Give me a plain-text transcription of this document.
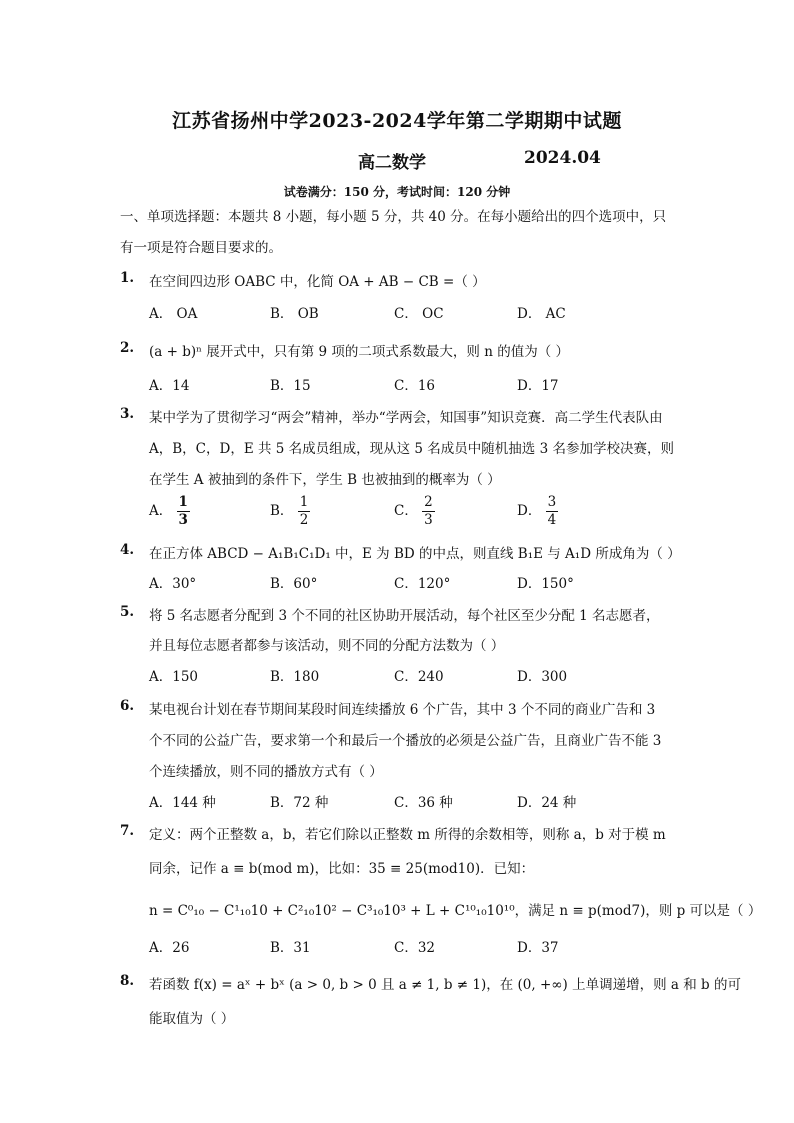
江苏省扬州中学2023-2024学年第二学期期中试题
高二数学	2024.04
试卷满分：150 分，考试时间：120 分钟
一、单项选择题：本题共 8 小题，每小题 5 分，共 40 分。在每小题给出的四个选项中，只
有一项是符合题目要求的。
1. 在空间四边形 OABC 中，化简 OA + AB − CB =（ ）
A． OA	B． OB	C． OC	D． AC
2. (a + b)ⁿ 展开式中，只有第 9 项的二项式系数最大，则 n 的值为（ ）
A．14	B．15	C．16	D．17
3. 某中学为了贯彻学习“两会”精神，举办“学两会，知国事”知识竞赛．高二学生代表队由
A，B，C，D，E 共 5 名成员组成，现从这 5 名成员中随机抽选 3 名参加学校决赛，则
在学生 A 被抽到的条件下，学生 B 也被抽到的概率为（ ）
A． $\frac{1}{3}$	B． $\frac{1}{2}$	C． $\frac{2}{3}$	D． $\frac{3}{4}$
4. 在正方体 ABCD − A₁B₁C₁D₁ 中，E 为 BD 的中点，则直线 B₁E 与 A₁D 所成角为（ ）
A．30°	B．60°	C．120°	D．150°
5. 将 5 名志愿者分配到 3 个不同的社区协助开展活动，每个社区至少分配 1 名志愿者，
并且每位志愿者都参与该活动，则不同的分配方法数为（ ）
A．150	B．180	C．240	D．300
6. 某电视台计划在春节期间某段时间连续播放 6 个广告，其中 3 个不同的商业广告和 3
个不同的公益广告，要求第一个和最后一个播放的必须是公益广告，且商业广告不能 3
个连续播放，则不同的播放方式有（ ）
A．144 种	B．72 种	C．36 种	D．24 种
7. 定义：两个正整数 a，b，若它们除以正整数 m 所得的余数相等，则称 a，b 对于模 m
同余，记作 a ≡ b(mod m)，比如：35 ≡ 25(mod10)．已知：
n = C⁰₁₀ − C¹₁₀10 + C²₁₀10² − C³₁₀10³ + L + C¹⁰₁₀10¹⁰，满足 n ≡ p(mod7)，则 p 可以是（ ）
A．26	B．31	C．32	D．37
8. 若函数 f(x) = aˣ + bˣ (a > 0, b > 0 且 a ≠ 1, b ≠ 1)，在 (0, +∞) 上单调递增，则 a 和 b 的可
能取值为（ ）
